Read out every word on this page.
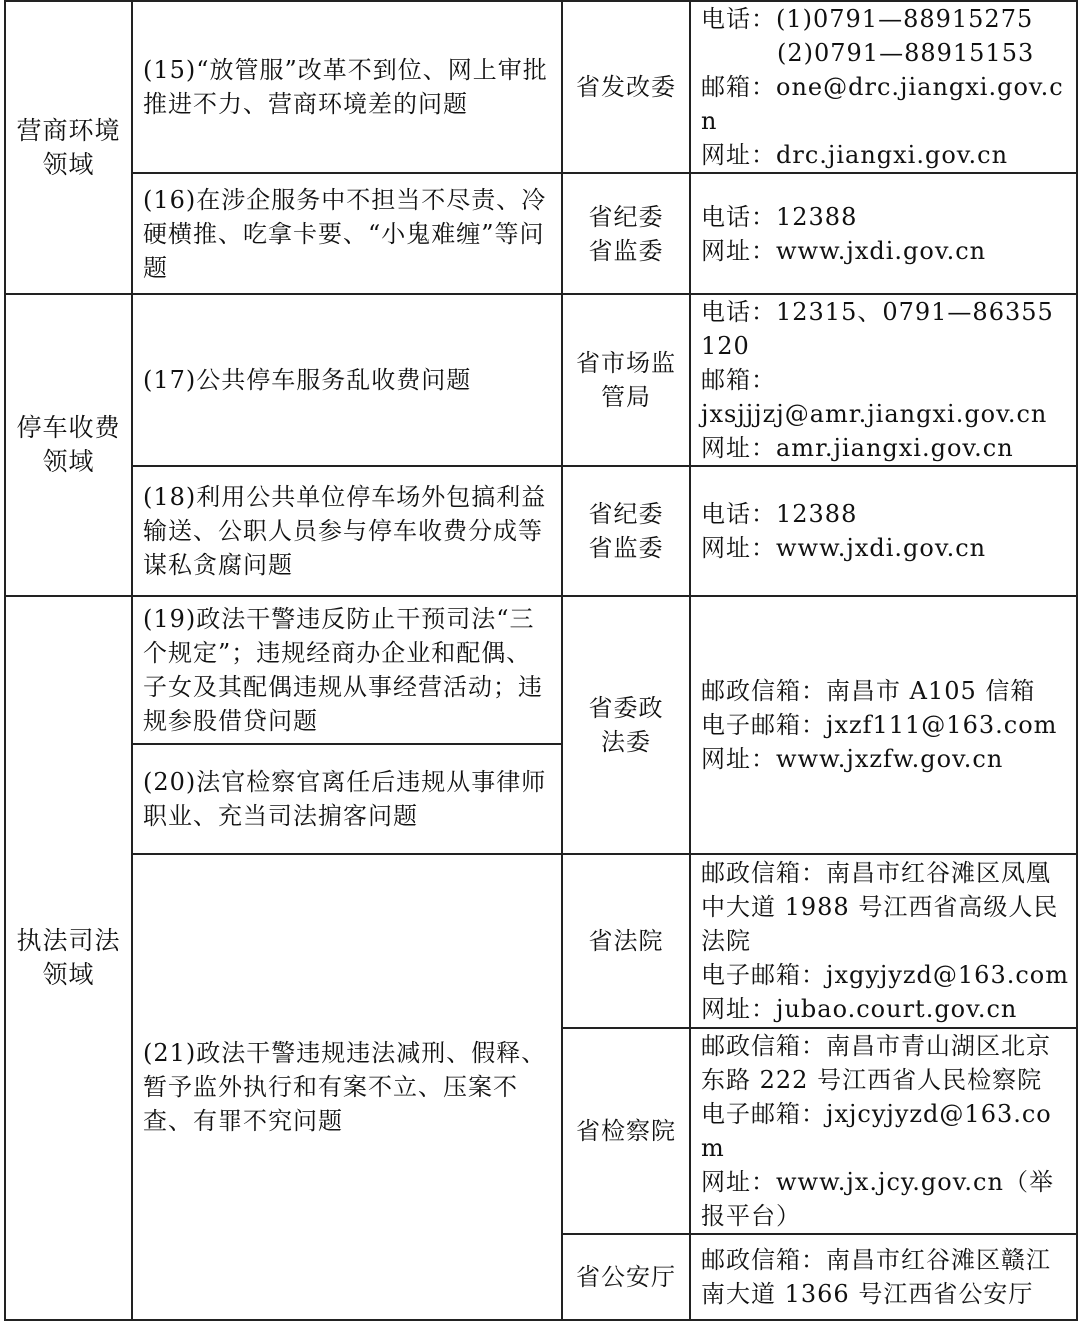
营商环境
领域	(15)“放管服”改革不到位、网上审批推进不力、营商环境差的问题	省发改委	电话：(1)0791—88915275
(2)0791—88915153
邮箱：one@drc.jiangxi.gov.cn
网址：drc.jiangxi.gov.cn

	(16)在涉企服务中不担当不尽责、冷硬横推、吃拿卡要、“小鬼难缠”等问题	省纪委
省监委	电话：12388
网址：www.jxdi.gov.cn

停车收费
领域	(17)公共停车服务乱收费问题	省市场监
管局	电话：12315、0791—86355120
邮箱：
jxsjjjzj@amr.jiangxi.gov.cn
网址：amr.jiangxi.gov.cn

	(18)利用公共单位停车场外包搞利益输送、公职人员参与停车收费分成等谋私贪腐问题	省纪委
省监委	电话：12388
网址：www.jxdi.gov.cn

执法司法
领域	(19)政法干警违反防止干预司法“三个规定”；违规经商办企业和配偶、子女及其配偶违规从事经营活动；违规参股借贷问题	省委政
法委	邮政信箱：南昌市 A105 信箱
电子邮箱：jxzf111@163.com
网址：www.jxzfw.gov.cn

	(20)法官检察官离任后违规从事律师职业、充当司法掮客问题		
	(21)政法干警违规违法减刑、假释、暂予监外执行和有案不立、压案不查、有罪不究问题	省法院	邮政信箱：南昌市红谷滩区凤凰中大道 1988 号江西省高级人民法院
电子邮箱：jxgyjyzd@163.com
网址：jubao.court.gov.cn

		省检察院	邮政信箱：南昌市青山湖区北京东路 222 号江西省人民检察院
电子邮箱：jxjcyjyzd@163.com
网址：www.jx.jcy.gov.cn（举报平台）

		省公安厅	邮政信箱：南昌市红谷滩区赣江南大道 1366 号江西省公安厅
